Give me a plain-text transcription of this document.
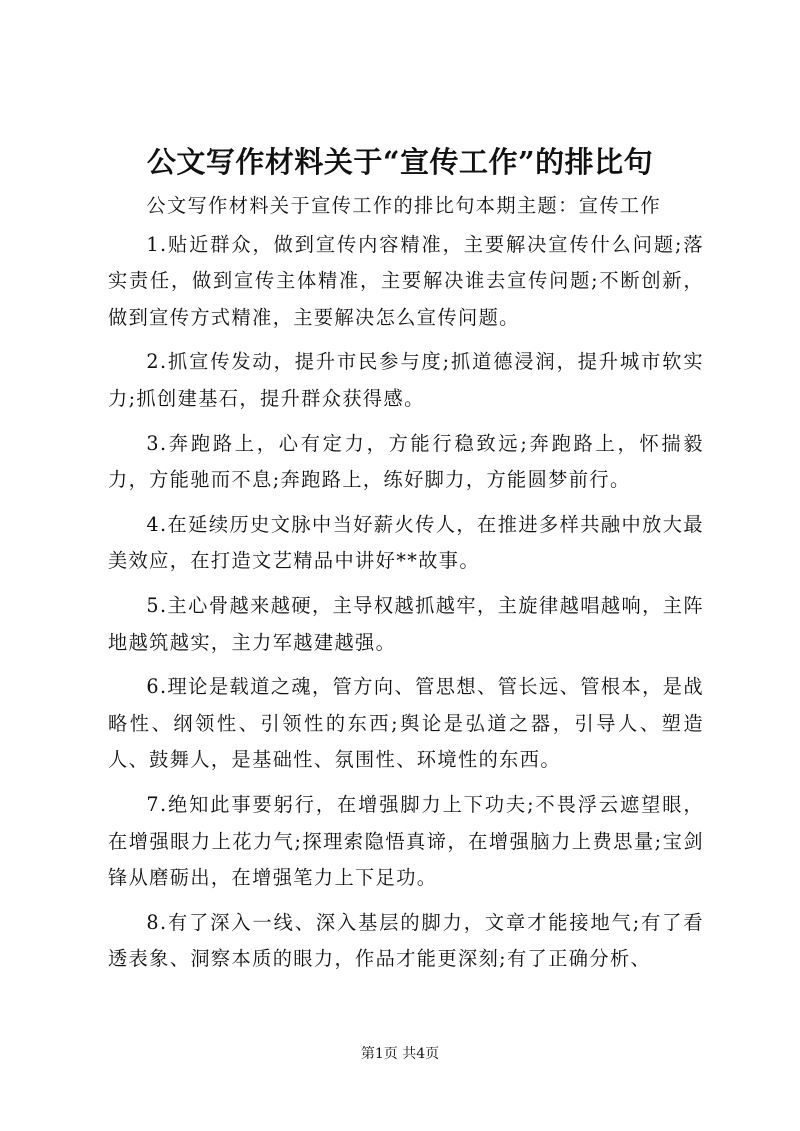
公文写作材料关于“宣传工作”的排比句

公文写作材料关于宣传工作的排比句本期主题：宣传工作

1.贴近群众，做到宣传内容精准，主要解决宣传什么问题;落实责任，做到宣传主体精准，主要解决谁去宣传问题;不断创新，做到宣传方式精准，主要解决怎么宣传问题。

2.抓宣传发动，提升市民参与度;抓道德浸润，提升城市软实力;抓创建基石，提升群众获得感。

3.奔跑路上，心有定力，方能行稳致远;奔跑路上，怀揣毅力，方能驰而不息;奔跑路上，练好脚力，方能圆梦前行。

4.在延续历史文脉中当好薪火传人，在推进多样共融中放大最美效应，在打造文艺精品中讲好**故事。

5.主心骨越来越硬，主导权越抓越牢，主旋律越唱越响，主阵地越筑越实，主力军越建越强。

6.理论是载道之魂，管方向、管思想、管长远、管根本，是战略性、纲领性、引领性的东西;舆论是弘道之器，引导人、塑造人、鼓舞人，是基础性、氛围性、环境性的东西。

7.绝知此事要躬行，在增强脚力上下功夫;不畏浮云遮望眼，在增强眼力上花力气;探理索隐悟真谛，在增强脑力上费思量;宝剑锋从磨砺出，在增强笔力上下足功。

8.有了深入一线、深入基层的脚力，文章才能接地气;有了看透表象、洞察本质的眼力，作品才能更深刻;有了正确分析、

第1页 共4页
